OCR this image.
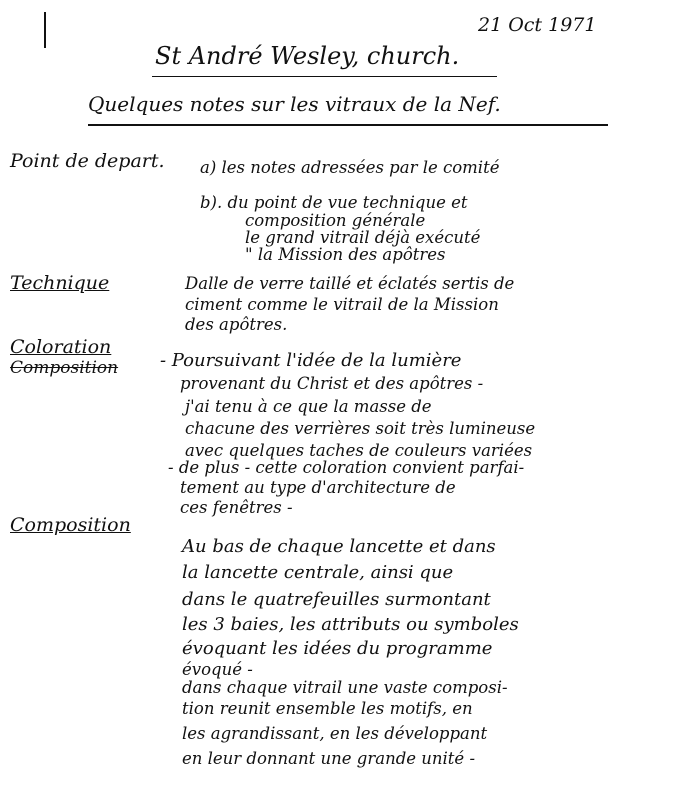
21 Oct 1971
St André Wesley, church.
Quelques notes sur les vitraux de la Nef.
Point de depart. a) les notes adressées par le comité
b). du point de vue technique et
composition générale
le grand vitrail déjà exécuté
" la Mission des apôtres
Technique	Dalle de verre taillé et éclatés sertis de
ciment comme le vitrail de la Mission
des apôtres.
Coloration
Composition - Poursuivant l'idée de la lumière
provenant du Christ et des apôtres -
j'ai tenu à ce que la masse de
chacune des verrières soit très lumineuse
avec quelques taches de couleurs variées
- de plus - cette coloration convient parfai-
tement au type d'architecture de
ces fenêtres -
Composition
Au bas de chaque lancette et dans
la lancette centrale, ainsi que
dans le quatrefeuilles surmontant
les 3 baies, les attributs ou symboles
évoquant les idées du programme
évoqué -
dans chaque vitrail une vaste composi-
tion reunit ensemble les motifs, en
les agrandissant, en les développant
en leur donnant une grande unité -
